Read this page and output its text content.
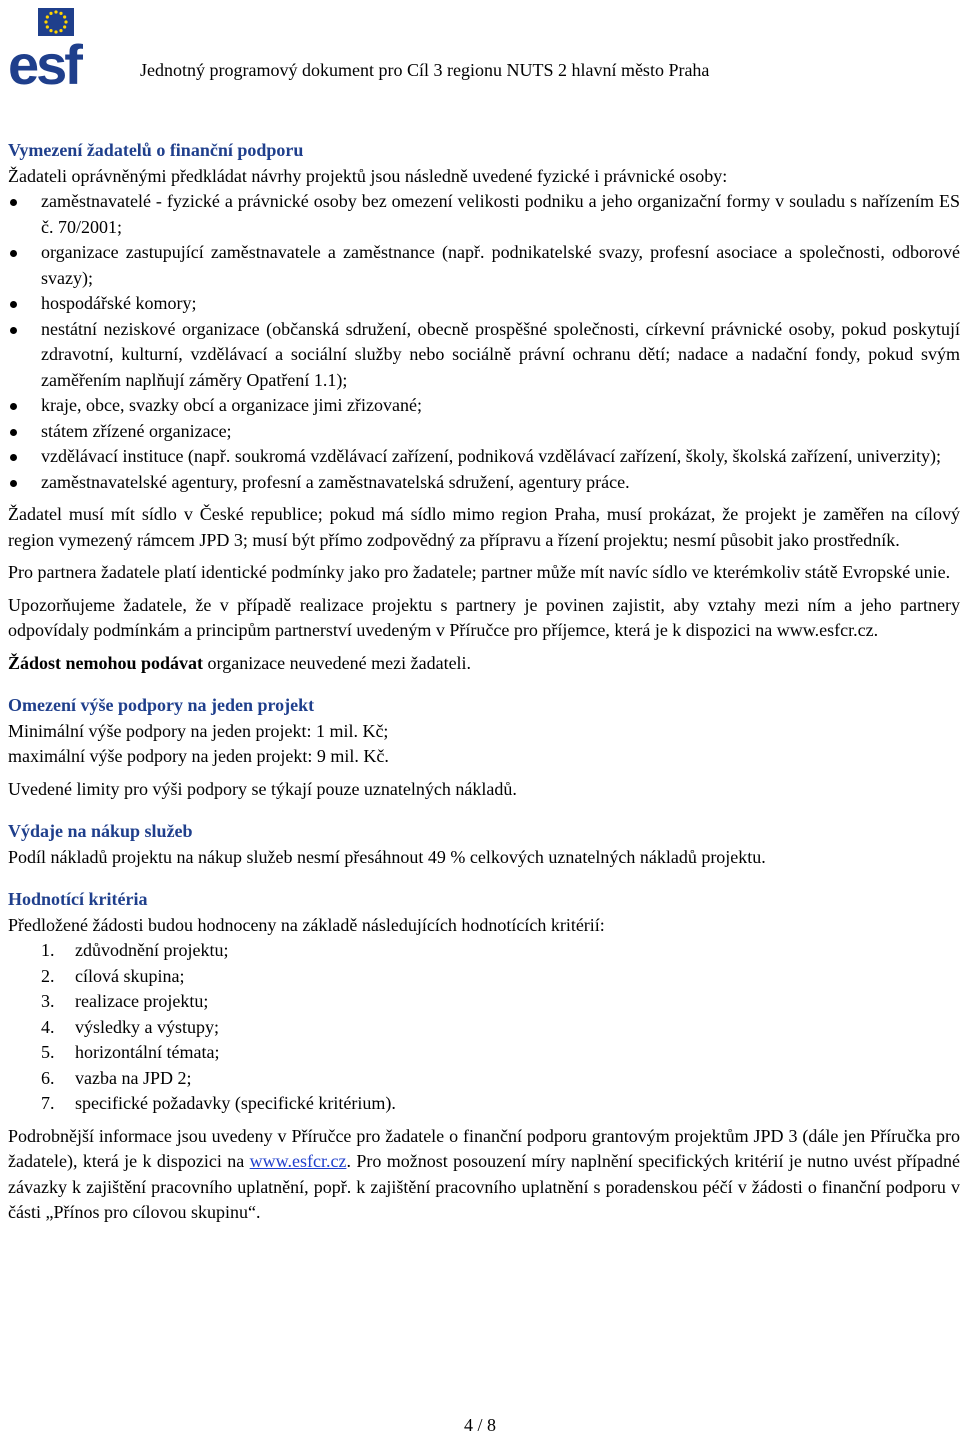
esf	Jednotný programový dokument pro Cíl 3 regionu NUTS 2 hlavní město Praha

Vymezení žadatelů o finanční podporu

Žadateli oprávněnými předkládat návrhy projektů jsou následně uvedené fyzické i právnické osoby:

zaměstnavatelé - fyzické a právnické osoby bez omezení velikosti podniku a jeho organizační formy v souladu s nařízením ES č. 70/2001;
organizace zastupující zaměstnavatele a zaměstnance (např. podnikatelské svazy, profesní asociace a společnosti, odborové svazy);
hospodářské komory;
nestátní neziskové organizace (občanská sdružení, obecně prospěšné společnosti, církevní právnické osoby, pokud poskytují zdravotní, kulturní, vzdělávací a sociální služby nebo sociálně právní ochranu dětí; nadace a nadační fondy, pokud svým zaměřením naplňují záměry Opatření 1.1);
kraje, obce, svazky obcí a organizace jimi zřizované;
státem zřízené organizace;
vzdělávací instituce (např. soukromá vzdělávací zařízení, podniková vzdělávací zařízení, školy, školská zařízení, univerzity);
zaměstnavatelské agentury, profesní a zaměstnavatelská sdružení, agentury práce.

Žadatel musí mít sídlo v České republice; pokud má sídlo mimo region Praha, musí prokázat, že projekt je zaměřen na cílový region vymezený rámcem JPD 3; musí být přímo zodpovědný za přípravu a řízení projektu; nesmí působit jako prostředník.

Pro partnera žadatele platí identické podmínky jako pro žadatele; partner může mít navíc sídlo ve kterémkoliv státě Evropské unie.

Upozorňujeme žadatele, že v případě realizace projektu s partnery je povinen zajistit, aby vztahy mezi ním a jeho partnery odpovídaly podmínkám a principům partnerství uvedeným v Příručce pro příjemce, která je k dispozici na www.esfcr.cz.

Žádost nemohou podávat organizace neuvedené mezi žadateli.

Omezení výše podpory na jeden projekt

Minimální výše podpory na jeden projekt: 1 mil. Kč;

maximální výše podpory na jeden projekt: 9 mil. Kč.

Uvedené limity pro výši podpory se týkají pouze uznatelných nákladů.

Výdaje na nákup služeb

Podíl nákladů projektu na nákup služeb nesmí přesáhnout 49 % celkových uznatelných nákladů projektu.

Hodnotící kritéria

Předložené žádosti budou hodnoceny na základě následujících hodnotících kritérií:

1. zdůvodnění projektu;
2. cílová skupina;
3. realizace projektu;
4. výsledky a výstupy;
5. horizontální témata;
6. vazba na JPD 2;
7. specifické požadavky (specifické kritérium).

Podrobnější informace jsou uvedeny v Příručce pro žadatele o finanční podporu grantovým projektům JPD 3 (dále jen Příručka pro žadatele), která je k dispozici na www.esfcr.cz. Pro možnost posouzení míry naplnění specifických kritérií je nutno uvést případné závazky k zajištění pracovního uplatnění, popř. k zajištění pracovního uplatnění s poradenskou péčí v žádosti o finanční podporu v části „Přínos pro cílovou skupinu“.

4 / 8
